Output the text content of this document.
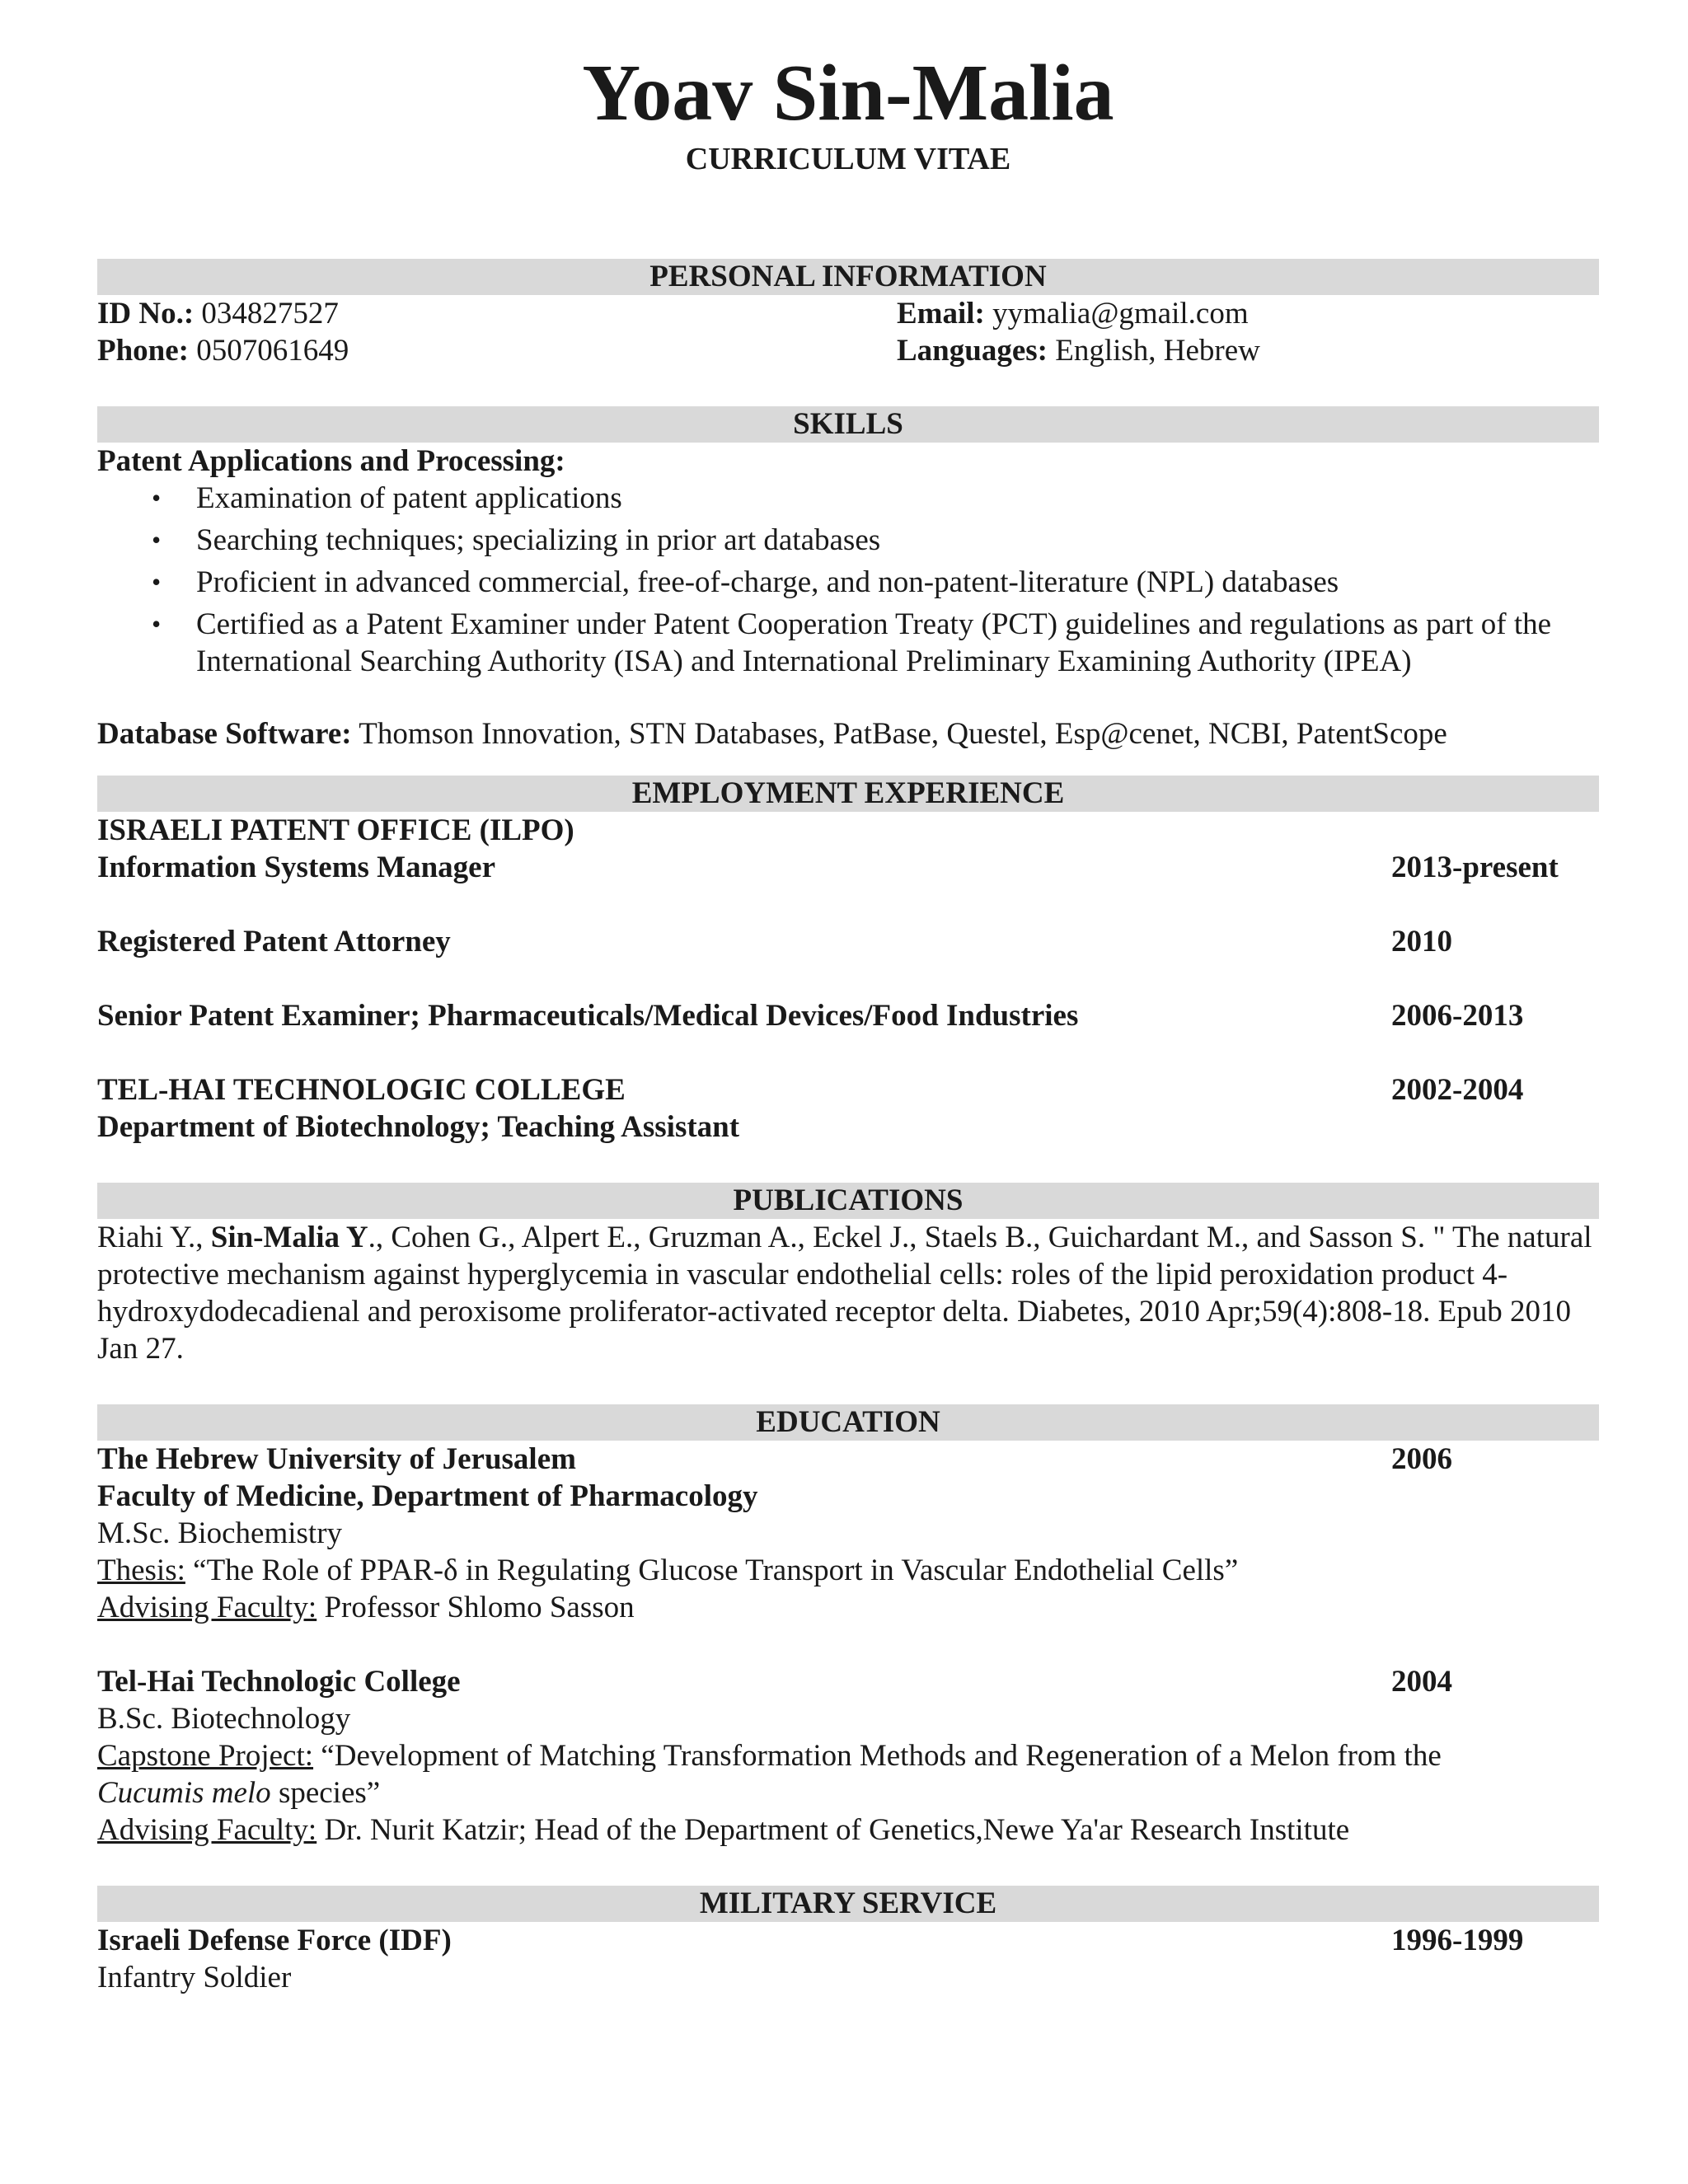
Yoav Sin-Malia
CURRICULUM VITAE
PERSONAL INFORMATION
ID No.: 034827527	Email: yymalia@gmail.com
Phone: 0507061649	Languages: English, Hebrew
SKILLS
Patent Applications and Processing:
• Examination of patent applications
• Searching techniques; specializing in prior art databases
• Proficient in advanced commercial, free-of-charge, and non-patent-literature (NPL) databases
• Certified as a Patent Examiner under Patent Cooperation Treaty (PCT) guidelines and regulations as part of the International Searching Authority (ISA) and International Preliminary Examining Authority (IPEA)
Database Software: Thomson Innovation, STN Databases, PatBase, Questel, Esp@cenet, NCBI, PatentScope
EMPLOYMENT EXPERIENCE
ISRAELI PATENT OFFICE (ILPO)
Information Systems Manager	2013-present
Registered Patent Attorney	2010
Senior Patent Examiner; Pharmaceuticals/Medical Devices/Food Industries	2006-2013
TEL-HAI TECHNOLOGIC COLLEGE	2002-2004
Department of Biotechnology; Teaching Assistant
PUBLICATIONS
Riahi Y., Sin-Malia Y., Cohen G., Alpert E., Gruzman A., Eckel J., Staels B., Guichardant M., and Sasson S. " The natural protective mechanism against hyperglycemia in vascular endothelial cells: roles of the lipid peroxidation product 4-hydroxydodecadienal and peroxisome proliferator-activated receptor delta. Diabetes, 2010 Apr;59(4):808-18. Epub 2010 Jan 27.
EDUCATION
The Hebrew University of Jerusalem	2006
Faculty of Medicine, Department of Pharmacology
M.Sc. Biochemistry
Thesis: “The Role of PPAR-δ in Regulating Glucose Transport in Vascular Endothelial Cells”
Advising Faculty: Professor Shlomo Sasson
Tel-Hai Technologic College	2004
B.Sc. Biotechnology
Capstone Project: “Development of Matching Transformation Methods and Regeneration of a Melon from the
Cucumis melo species”
Advising Faculty: Dr. Nurit Katzir; Head of the Department of Genetics,Newe Ya'ar Research Institute
MILITARY SERVICE
Israeli Defense Force (IDF)	1996-1999
Infantry Soldier
